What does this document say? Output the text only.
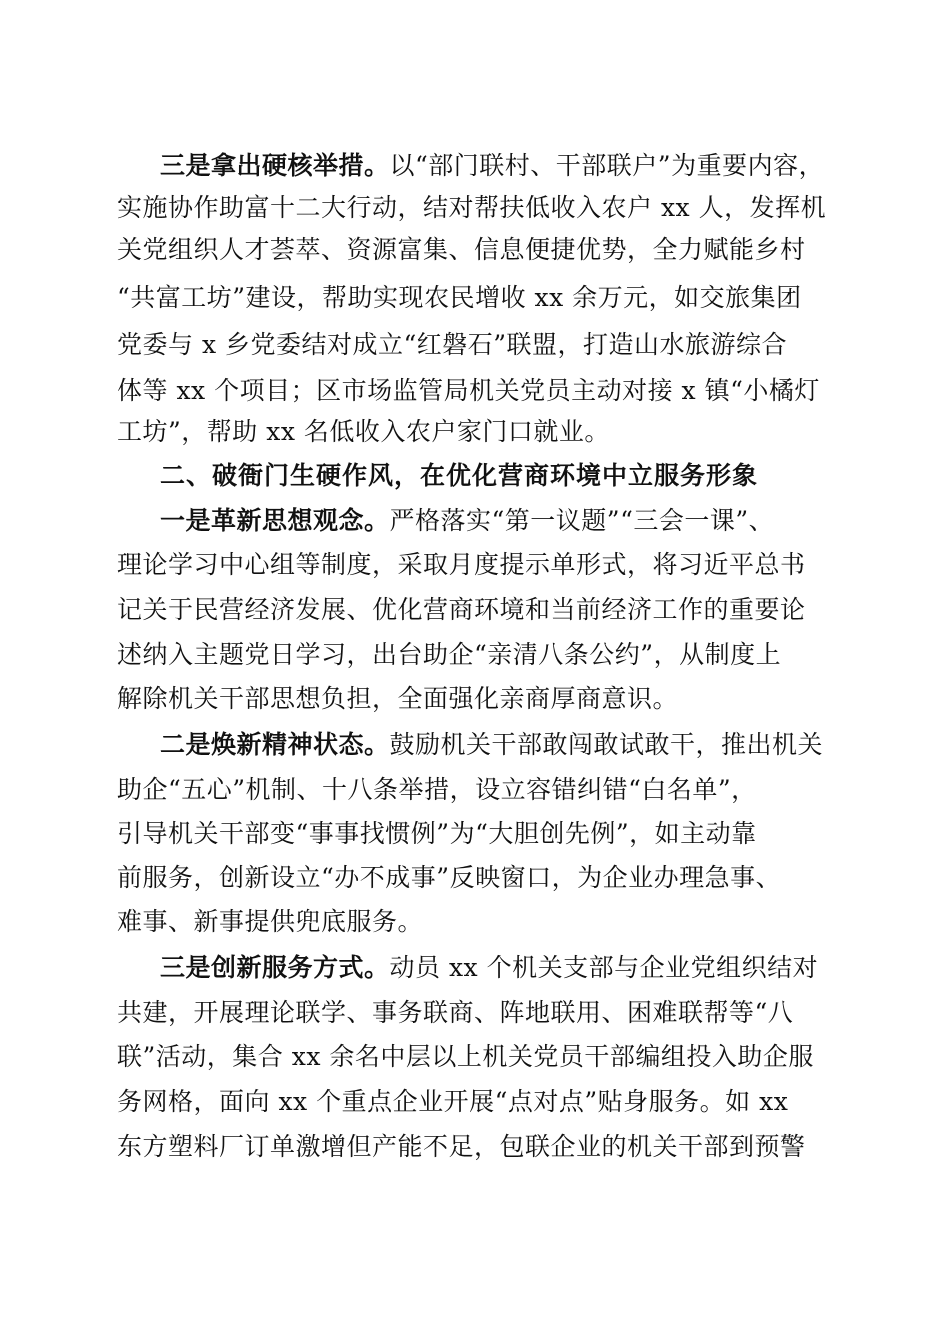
三是拿出硬核举措。以“部门联村、干部联户”为重要内容，
实施协作助富十二大行动，结对帮扶低收入农户 xx 人，发挥机
关党组织人才荟萃、资源富集、信息便捷优势，全力赋能乡村
“共富工坊”建设，帮助实现农民增收 xx 余万元，如交旅集团
党委与 x 乡党委结对成立“红磐石”联盟，打造山水旅游综合
体等 xx 个项目；区市场监管局机关党员主动对接 x 镇“小橘灯
工坊”，帮助 xx 名低收入农户家门口就业。
二、破衙门生硬作风，在优化营商环境中立服务形象
一是革新思想观念。严格落实“第一议题”“三会一课”、
理论学习中心组等制度，采取月度提示单形式，将习近平总书
记关于民营经济发展、优化营商环境和当前经济工作的重要论
述纳入主题党日学习，出台助企“亲清八条公约”，从制度上
解除机关干部思想负担，全面强化亲商厚商意识。
二是焕新精神状态。鼓励机关干部敢闯敢试敢干，推出机关
助企“五心”机制、十八条举措，设立容错纠错“白名单”，
引导机关干部变“事事找惯例”为“大胆创先例”，如主动靠
前服务，创新设立“办不成事”反映窗口，为企业办理急事、
难事、新事提供兜底服务。
三是创新服务方式。动员 xx 个机关支部与企业党组织结对
共建，开展理论联学、事务联商、阵地联用、困难联帮等“八
联”活动，集合 xx 余名中层以上机关党员干部编组投入助企服
务网格，面向 xx 个重点企业开展“点对点”贴身服务。如 xx
东方塑料厂订单激增但产能不足，包联企业的机关干部到预警
